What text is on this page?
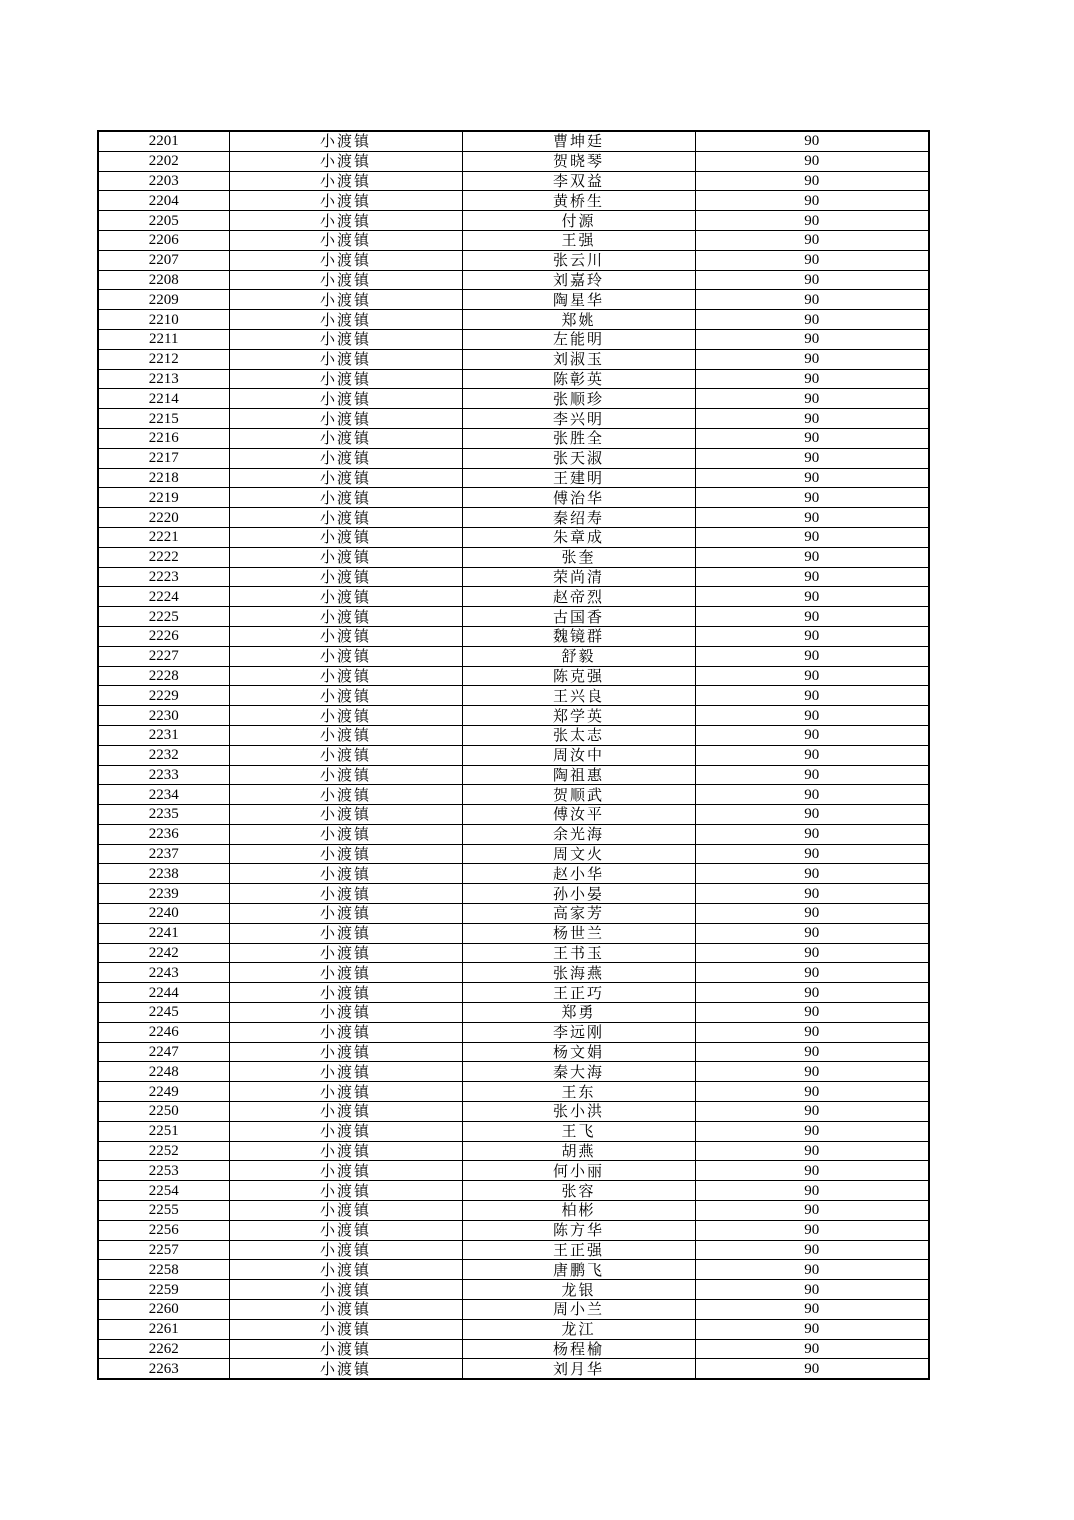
2201	小渡镇	曹坤廷	90
2202	小渡镇	贺晓琴	90
2203	小渡镇	李双益	90
2204	小渡镇	黄桥生	90
2205	小渡镇	付源	90
2206	小渡镇	王强	90
2207	小渡镇	张云川	90
2208	小渡镇	刘嘉玲	90
2209	小渡镇	陶星华	90
2210	小渡镇	郑姚	90
2211	小渡镇	左能明	90
2212	小渡镇	刘淑玉	90
2213	小渡镇	陈彰英	90
2214	小渡镇	张顺珍	90
2215	小渡镇	李兴明	90
2216	小渡镇	张胜全	90
2217	小渡镇	张天淑	90
2218	小渡镇	王建明	90
2219	小渡镇	傅治华	90
2220	小渡镇	秦绍寿	90
2221	小渡镇	朱章成	90
2222	小渡镇	张奎	90
2223	小渡镇	荣尚清	90
2224	小渡镇	赵帝烈	90
2225	小渡镇	古国香	90
2226	小渡镇	魏镜群	90
2227	小渡镇	舒毅	90
2228	小渡镇	陈克强	90
2229	小渡镇	王兴良	90
2230	小渡镇	郑学英	90
2231	小渡镇	张太志	90
2232	小渡镇	周汝中	90
2233	小渡镇	陶祖惠	90
2234	小渡镇	贺顺武	90
2235	小渡镇	傅汝平	90
2236	小渡镇	余光海	90
2237	小渡镇	周文火	90
2238	小渡镇	赵小华	90
2239	小渡镇	孙小晏	90
2240	小渡镇	高家芳	90
2241	小渡镇	杨世兰	90
2242	小渡镇	王书玉	90
2243	小渡镇	张海燕	90
2244	小渡镇	王正巧	90
2245	小渡镇	郑勇	90
2246	小渡镇	李远刚	90
2247	小渡镇	杨文娟	90
2248	小渡镇	秦大海	90
2249	小渡镇	王东	90
2250	小渡镇	张小洪	90
2251	小渡镇	王飞	90
2252	小渡镇	胡燕	90
2253	小渡镇	何小丽	90
2254	小渡镇	张容	90
2255	小渡镇	柏彬	90
2256	小渡镇	陈方华	90
2257	小渡镇	王正强	90
2258	小渡镇	唐鹏飞	90
2259	小渡镇	龙银	90
2260	小渡镇	周小兰	90
2261	小渡镇	龙江	90
2262	小渡镇	杨程榆	90
2263	小渡镇	刘月华	90
